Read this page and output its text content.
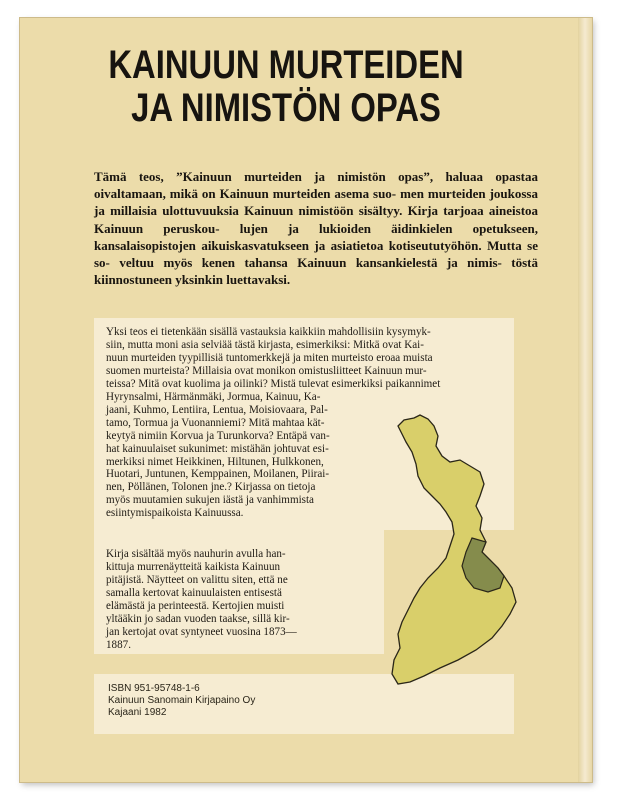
KAINUUN MURTEIDEN
JA NIMISTÖN OPAS

Tämä teos, ”Kainuun murteiden ja nimistön opas”, haluaa opastaa oivaltamaan, mikä on Kainuun murteiden asema suo- men murteiden joukossa ja millaisia ulottuvuuksia Kainuun nimistöön sisältyy. Kirja tarjoaa aineistoa Kainuun peruskou- lujen ja lukioiden äidinkielen opetukseen, kansalaisopistojen aikuiskasvatukseen ja asiatietoa kotiseututyöhön. Mutta se so- veltuu myös kenen tahansa Kainuun kansankielestä ja nimis- töstä kiinnostuneen yksinkin luettavaksi.

Yksi teos ei tietenkään sisällä vastauksia kaikkiin mahdollisiin kysymyk-
siin, mutta moni asia selviää tästä kirjasta, esimerkiksi: Mitkä ovat Kai-
nuun murteiden tyypillisiä tuntomerkkejä ja miten murteisto eroaa muista
suomen murteista? Millaisia ovat monikon omistusliitteet Kainuun mur-
teissa? Mitä ovat kuolima ja oilinki? Mistä tulevat esimerkiksi paikannimet
Hyrynsalmi, Härmänmäki, Jormua, Kainuu, Ka-
jaani, Kuhmo, Lentiira, Lentua, Moisiovaara, Pal-
tamo, Tormua ja Vuonanniemi? Mitä mahtaa kät-
keytyä nimiin Korvua ja Turunkorva? Entäpä van-
hat kainuulaiset sukunimet: mistähän johtuvat esi-
merkiksi nimet Heikkinen, Hiltunen, Hulkkonen,
Huotari, Juntunen, Kemppainen, Moilanen, Piirai-
nen, Pöllänen, Tolonen jne.? Kirjassa on tietoja
myös muutamien sukujen iästä ja vanhimmista
esiintymispaikoista Kainuussa.

Kirja sisältää myös nauhurin avulla han-
kittuja murrenäytteitä kaikista Kainuun
pitäjistä. Näytteet on valittu siten, että ne
samalla kertovat kainuulaisten entisestä
elämästä ja perinteestä. Kertojien muisti
yltääkin jo sadan vuoden taakse, sillä kir-
jan kertojat ovat syntyneet vuosina 1873—
1887.

ISBN 951-95748-1-6
Kainuun Sanomain Kirjapaino Oy
Kajaani 1982
